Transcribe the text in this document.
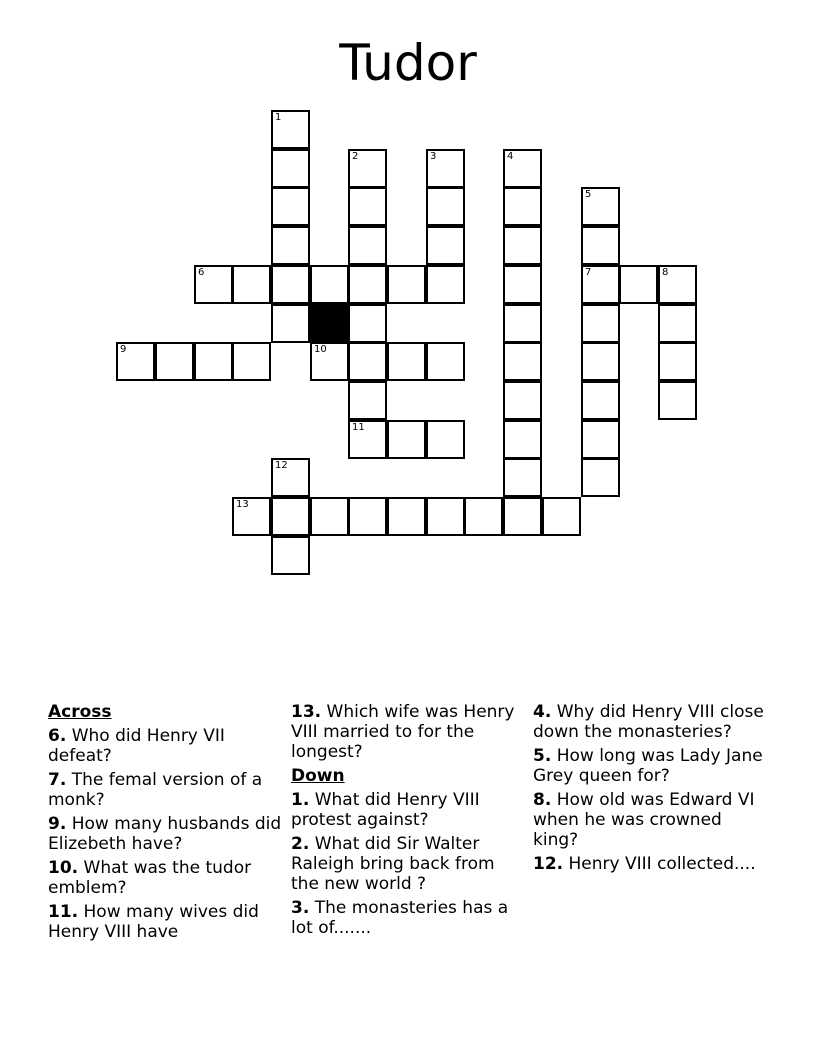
Tudor
1
2	3	4
5
6	7	8
9	10
11
12
13
Across
6. Who did Henry VII defeat?
7. The femal version of a monk?
9. How many husbands did Elizebeth have?
10. What was the tudor emblem?
11. How many wives did Henry VIII have
13. Which wife was Henry VIII married to for the longest?
Down
1. What did Henry VIII protest against?
2. What did Sir Walter Raleigh bring back from the new world ?
3. The monasteries has a lot of.......
4. Why did Henry VIII close down the monasteries?
5. How long was Lady Jane Grey queen for?
8. How old was Edward VI when he was crowned king?
12. Henry VIII collected....
